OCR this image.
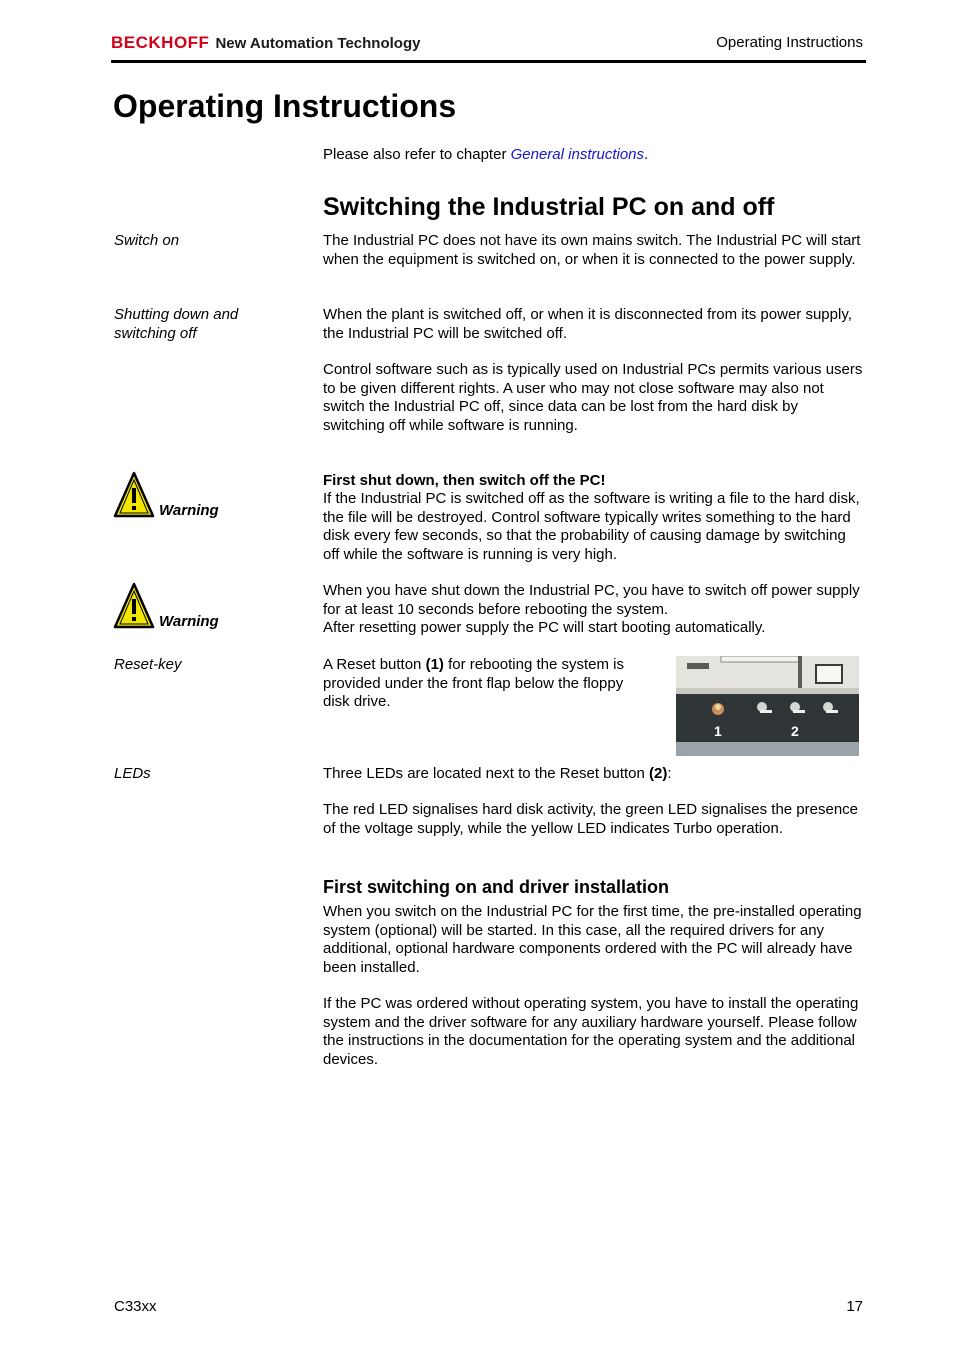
BECKHOFF New Automation Technology	Operating Instructions
Operating Instructions

Please also refer to chapter General instructions.

Switching the Industrial PC on and off
Switch on	The Industrial PC does not have its own mains switch. The Industrial PC will start when the equipment is switched on, or when it is connected to the power supply.

Shutting down and switching off

When the plant is switched off, or when it is disconnected from its power supply, the Industrial PC will be switched off.

Control software such as is typically used on Industrial PCs permits various users to be given different rights. A user who may not close software may also not switch the Industrial PC off, since data can be lost from the hard disk by switching off while software is running.

Warning

First shut down, then switch off the PC!

If the Industrial PC is switched off as the software is writing a file to the hard disk, the file will be destroyed. Control software typically writes something to the hard disk every few seconds, so that the probability of causing damage by switching off while the software is running is very high.

Warning

When you have shut down the Industrial PC, you have to switch off power supply for at least 10 seconds before rebooting the system.

After resetting power supply the PC will start booting automatically.

Reset-key	A Reset button (1) for rebooting the system is provided under the front flap below the floppy disk drive.

1	2
LEDs	Three LEDs are located next to the Reset button (2):

The red LED signalises hard disk activity, the green LED signalises the presence of the voltage supply, while the yellow LED indicates Turbo operation.

First switching on and driver installation

When you switch on the Industrial PC for the first time, the pre-installed operating system (optional) will be started. In this case, all the required drivers for any additional, optional hardware components ordered with the PC will already have been installed.

If the PC was ordered without operating system, you have to install the operating system and the driver software for any auxiliary hardware yourself. Please follow the instructions in the documentation for the operating system and the additional devices.

C33xx	17
